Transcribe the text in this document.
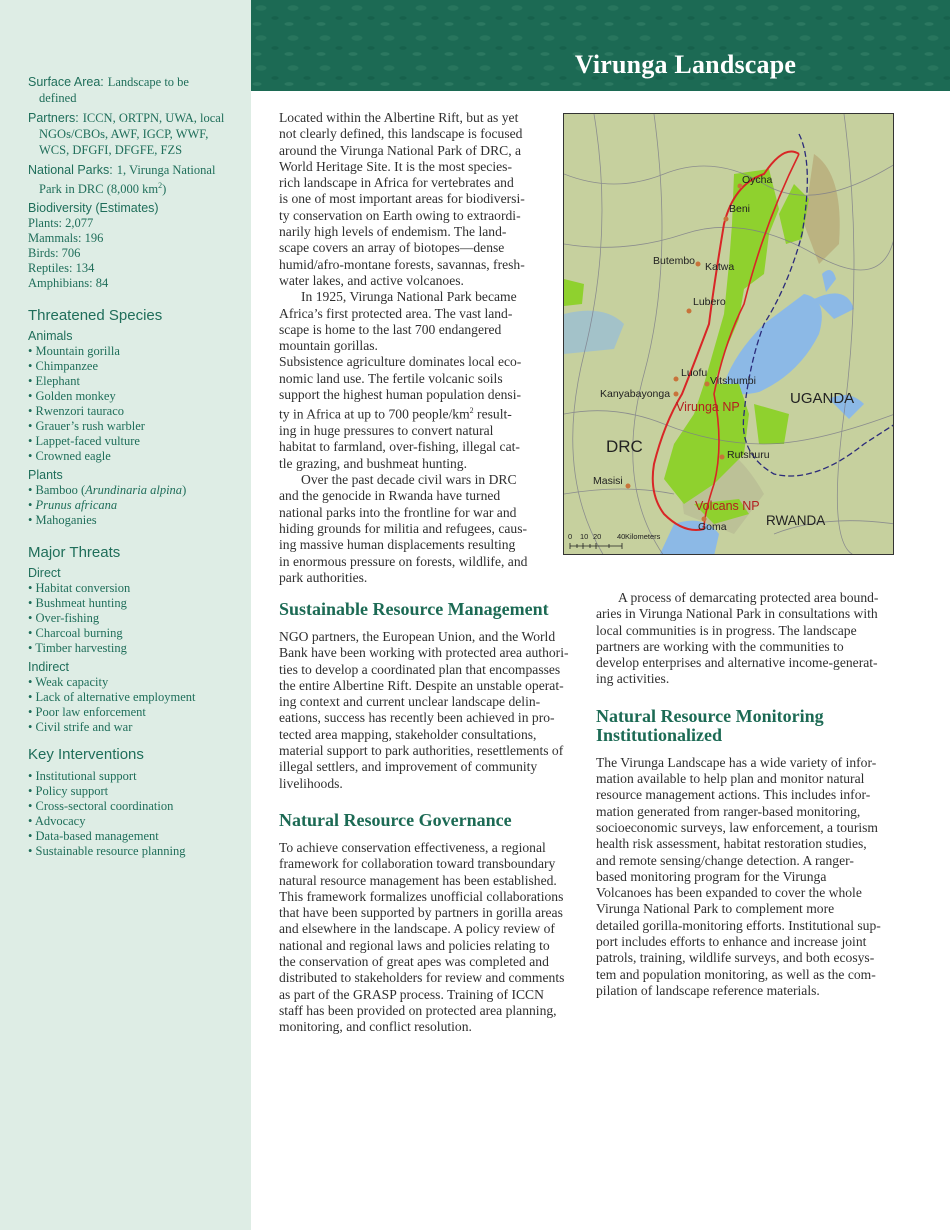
Surface Area: Landscape to be defined
Partners: ICCN, ORTPN, UWA, local NGOs/CBOs, AWF, IGCP, WWF, WCS, DFGFI, DFGFE, FZS
National Parks: 1, Virunga National Park in DRC (8,000 $km^2$)
Biodiversity (Estimates)
Plants: 2,077
Mammals: 196
Birds: 706
Reptiles: 134
Amphibians: 84
Threatened Species
Animals
• Mountain gorilla
• Chimpanzee
• Elephant
• Golden monkey
• Rwenzori tauraco
• Grauer’s rush warbler
• Lappet-faced vulture
• Crowned eagle
Plants
• Bamboo (Arundinaria alpina)
• Prunus africana
• Mahoganies
Major Threats
Direct
• Habitat conversion
• Bushmeat hunting
• Over-fishing
• Charcoal burning
• Timber harvesting
Indirect
• Weak capacity
• Lack of alternative employment
• Poor law enforcement
• Civil strife and war
Key Interventions
• Institutional support
• Policy support
• Cross-sectoral coordination
• Advocacy
• Data-based management
• Sustainable resource planning
Virunga Landscape
Located within the Albertine Rift, but as yet
not clearly defined, this landscape is focused
around the Virunga National Park of DRC, a
World Heritage Site. It is the most species-
rich landscape in Africa for vertebrates and
is one of most important areas for biodiversi-
ty conservation on Earth owing to extraordi-
narily high levels of endemism. The land-
scape covers an array of biotopes—dense
humid/afro-montane forests, savannas, fresh-
water lakes, and active volcanoes.
In 1925, Virunga National Park became
Africa’s first protected area. The vast land-
scape is home to the last 700 endangered
mountain gorillas.
Subsistence agriculture dominates local eco-
nomic land use. The fertile volcanic soils
support the highest human population densi-
ty in Africa at up to 700 people/$km^2$ result-
ing in huge pressures to convert natural
habitat to farmland, over-fishing, illegal cat-
tle grazing, and bushmeat hunting.
Over the past decade civil wars in DRC
and the genocide in Rwanda have turned
national parks into the frontline for war and
hiding grounds for militia and refugees, caus-
ing massive human displacements resulting
in enormous pressure on forests, wildlife, and
park authorities.
Sustainable Resource Management
NGO partners, the European Union, and the World
Bank have been working with protected area authori-
ties to develop a coordinated plan that encompasses
the entire Albertine Rift. Despite an unstable operat-
ing context and current unclear landscape delin-
eations, success has recently been achieved in pro-
tected area mapping, stakeholder consultations,
material support to park authorities, resettlements of
illegal settlers, and improvement of community
livelihoods.
Natural Resource Governance
To achieve conservation effectiveness, a regional
framework for collaboration toward transboundary
natural resource management has been established.
This framework formalizes unofficial collaborations
that have been supported by partners in gorilla areas
and elsewhere in the landscape. A policy review of
national and regional laws and policies relating to
the conservation of great apes was completed and
distributed to stakeholders for review and comments
as part of the GRASP process. Training of ICCN
staff has been provided on protected area planning,
monitoring, and conflict resolution.
A process of demarcating protected area bound-
aries in Virunga National Park in consultations with
local communities is in progress. The landscape
partners are working with the communities to
develop enterprises and alternative income-generat-
ing activities.
Natural Resource Monitoring
Institutionalized
The Virunga Landscape has a wide variety of infor-
mation available to help plan and monitor natural
resource management actions. This includes infor-
mation generated from ranger-based monitoring,
socioeconomic surveys, law enforcement, a tourism
health risk assessment, habitat restoration studies,
and remote sensing/change detection. A ranger-
based monitoring program for the Virunga
Volcanoes has been expanded to cover the whole
Virunga National Park to complement more
detailed gorilla-monitoring efforts. Institutional sup-
port includes efforts to enhance and increase joint
patrols, training, wildlife surveys, and both ecosys-
tem and population monitoring, as well as the com-
pilation of landscape reference materials.
Oycha
Beni
Butembo Katwa
Lubero
Luofu
Vitshumbi
Kanyabayonga
Rutshuru
Masisi
Goma
DRC
UGANDA
RWANDA
Virunga NP
Volcans NP
0 10 20 40 Kilometers
